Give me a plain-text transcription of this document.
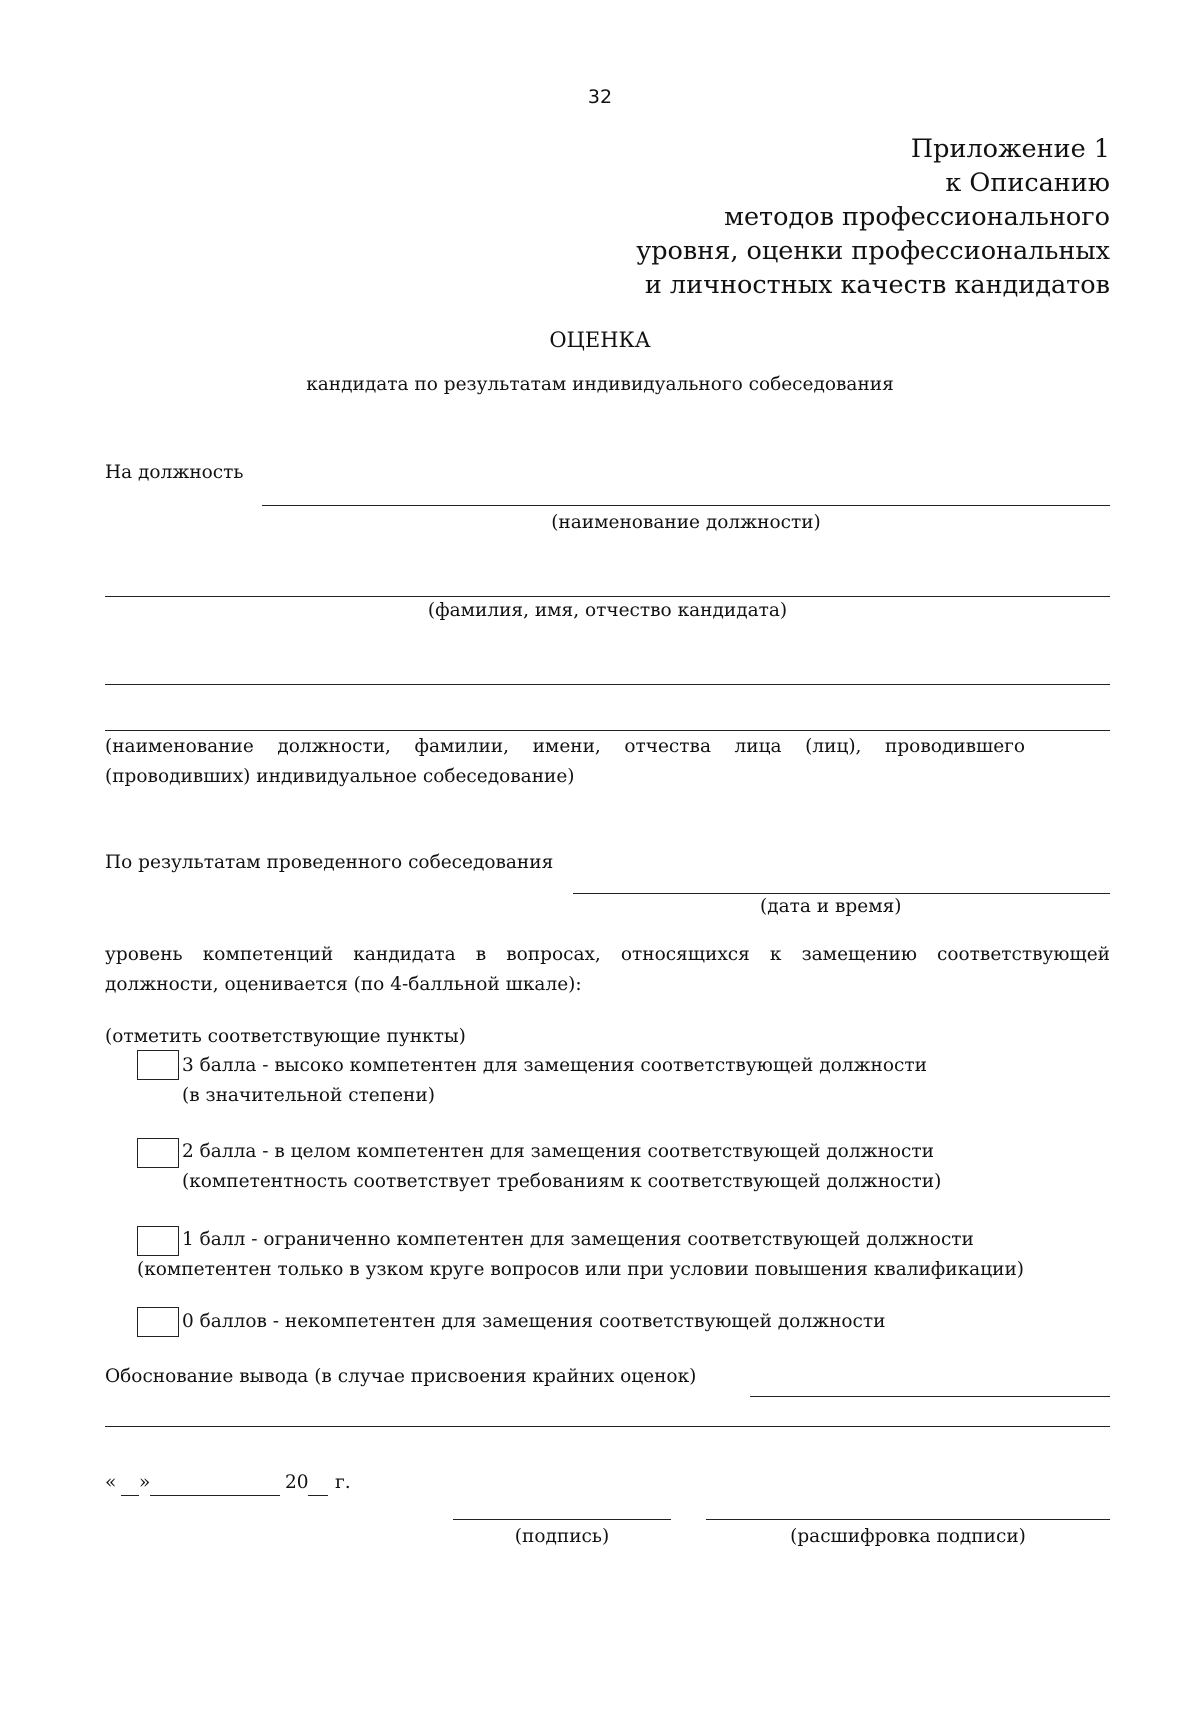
32
Приложение 1
к Описанию
методов профессионального
уровня, оценки профессиональных
и личностных качеств кандидатов
ОЦЕНКА
кандидата по результатам индивидуального собеседования
На должность
(наименование должности)
(фамилия, имя, отчество кандидата)
(наименование должности, фамилии, имени, отчества лица (лиц), проводившего (проводивших) индивидуальное собеседование)
По результатам проведенного собеседования
(дата и время)
уровень компетенций кандидата в вопросах, относящихся к замещению соответствующей должности, оценивается (по 4-балльной шкале):
(отметить соответствующие пункты)
3 балла - высоко компетентен для замещения соответствующей должности
(в значительной степени)
2 балла - в целом компетентен для замещения соответствующей должности
(компетентность соответствует требованиям к соответствующей должности)
1 балл - ограниченно компетентен для замещения соответствующей должности
(компетентен только в узком круге вопросов или при условии повышения квалификации)
0 баллов - некомпетентен для замещения соответствующей должности
Обоснование вывода (в случае присвоения крайних оценок)
« »	20 г.
(подпись)	(расшифровка подписи)
